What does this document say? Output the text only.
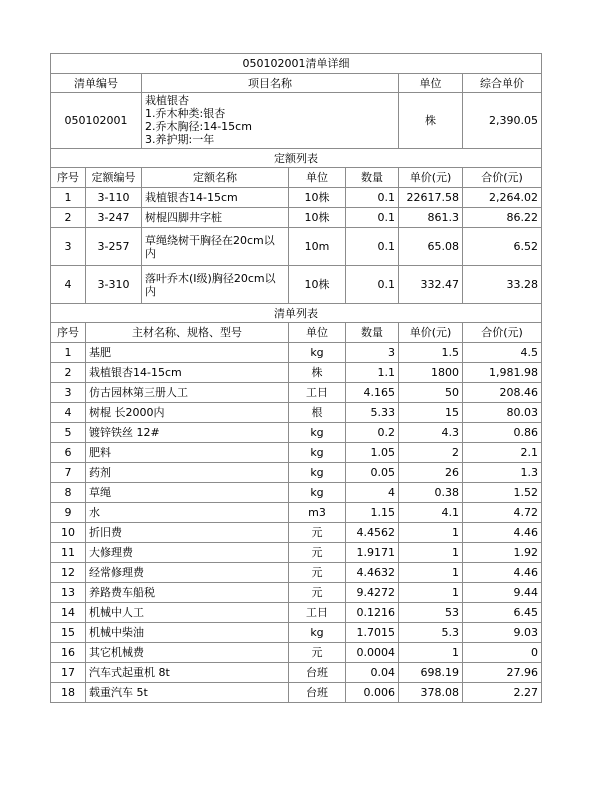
050102001清单详细						
清单编号		项目名称			单位	综合单价
050102001		栽植银杏
1.乔木种类:银杏
2.乔木胸径:14-15cm
3.养护期:一年			株	2,390.05
定额列表						
序号	定额编号	定额名称	单位	数量	单价(元)	合价(元)
1	3-110	栽植银杏14-15cm	10株	0.1	22617.58	2,264.02
2	3-247	树棍四脚井字桩	10株	0.1	861.3	86.22
3	3-257	草绳绕树干胸径在20cm以内	10m	0.1	65.08	6.52
4	3-310	落叶乔木(I级)胸径20cm以内	10株	0.1	332.47	33.28
清单列表						
序号	主材名称、规格、型号		单位	数量	单价(元)	合价(元)
1	基肥		kg	3	1.5	4.5
2	栽植银杏14-15cm		株	1.1	1800	1,981.98
3	仿古园林第三册人工		工日	4.165	50	208.46
4	树棍 长2000内		根	5.33	15	80.03
5	镀锌铁丝 12#		kg	0.2	4.3	0.86
6	肥料		kg	1.05	2	2.1
7	药剂		kg	0.05	26	1.3
8	草绳		kg	4	0.38	1.52
9	水		m3	1.15	4.1	4.72
10	折旧费		元	4.4562	1	4.46
11	大修理费		元	1.9171	1	1.92
12	经常修理费		元	4.4632	1	4.46
13	养路费车船税		元	9.4272	1	9.44
14	机械中人工		工日	0.1216	53	6.45
15	机械中柴油		kg	1.7015	5.3	9.03
16	其它机械费		元	0.0004	1	0
17	汽车式起重机 8t		台班	0.04	698.19	27.96
18	载重汽车 5t		台班	0.006	378.08	2.27
